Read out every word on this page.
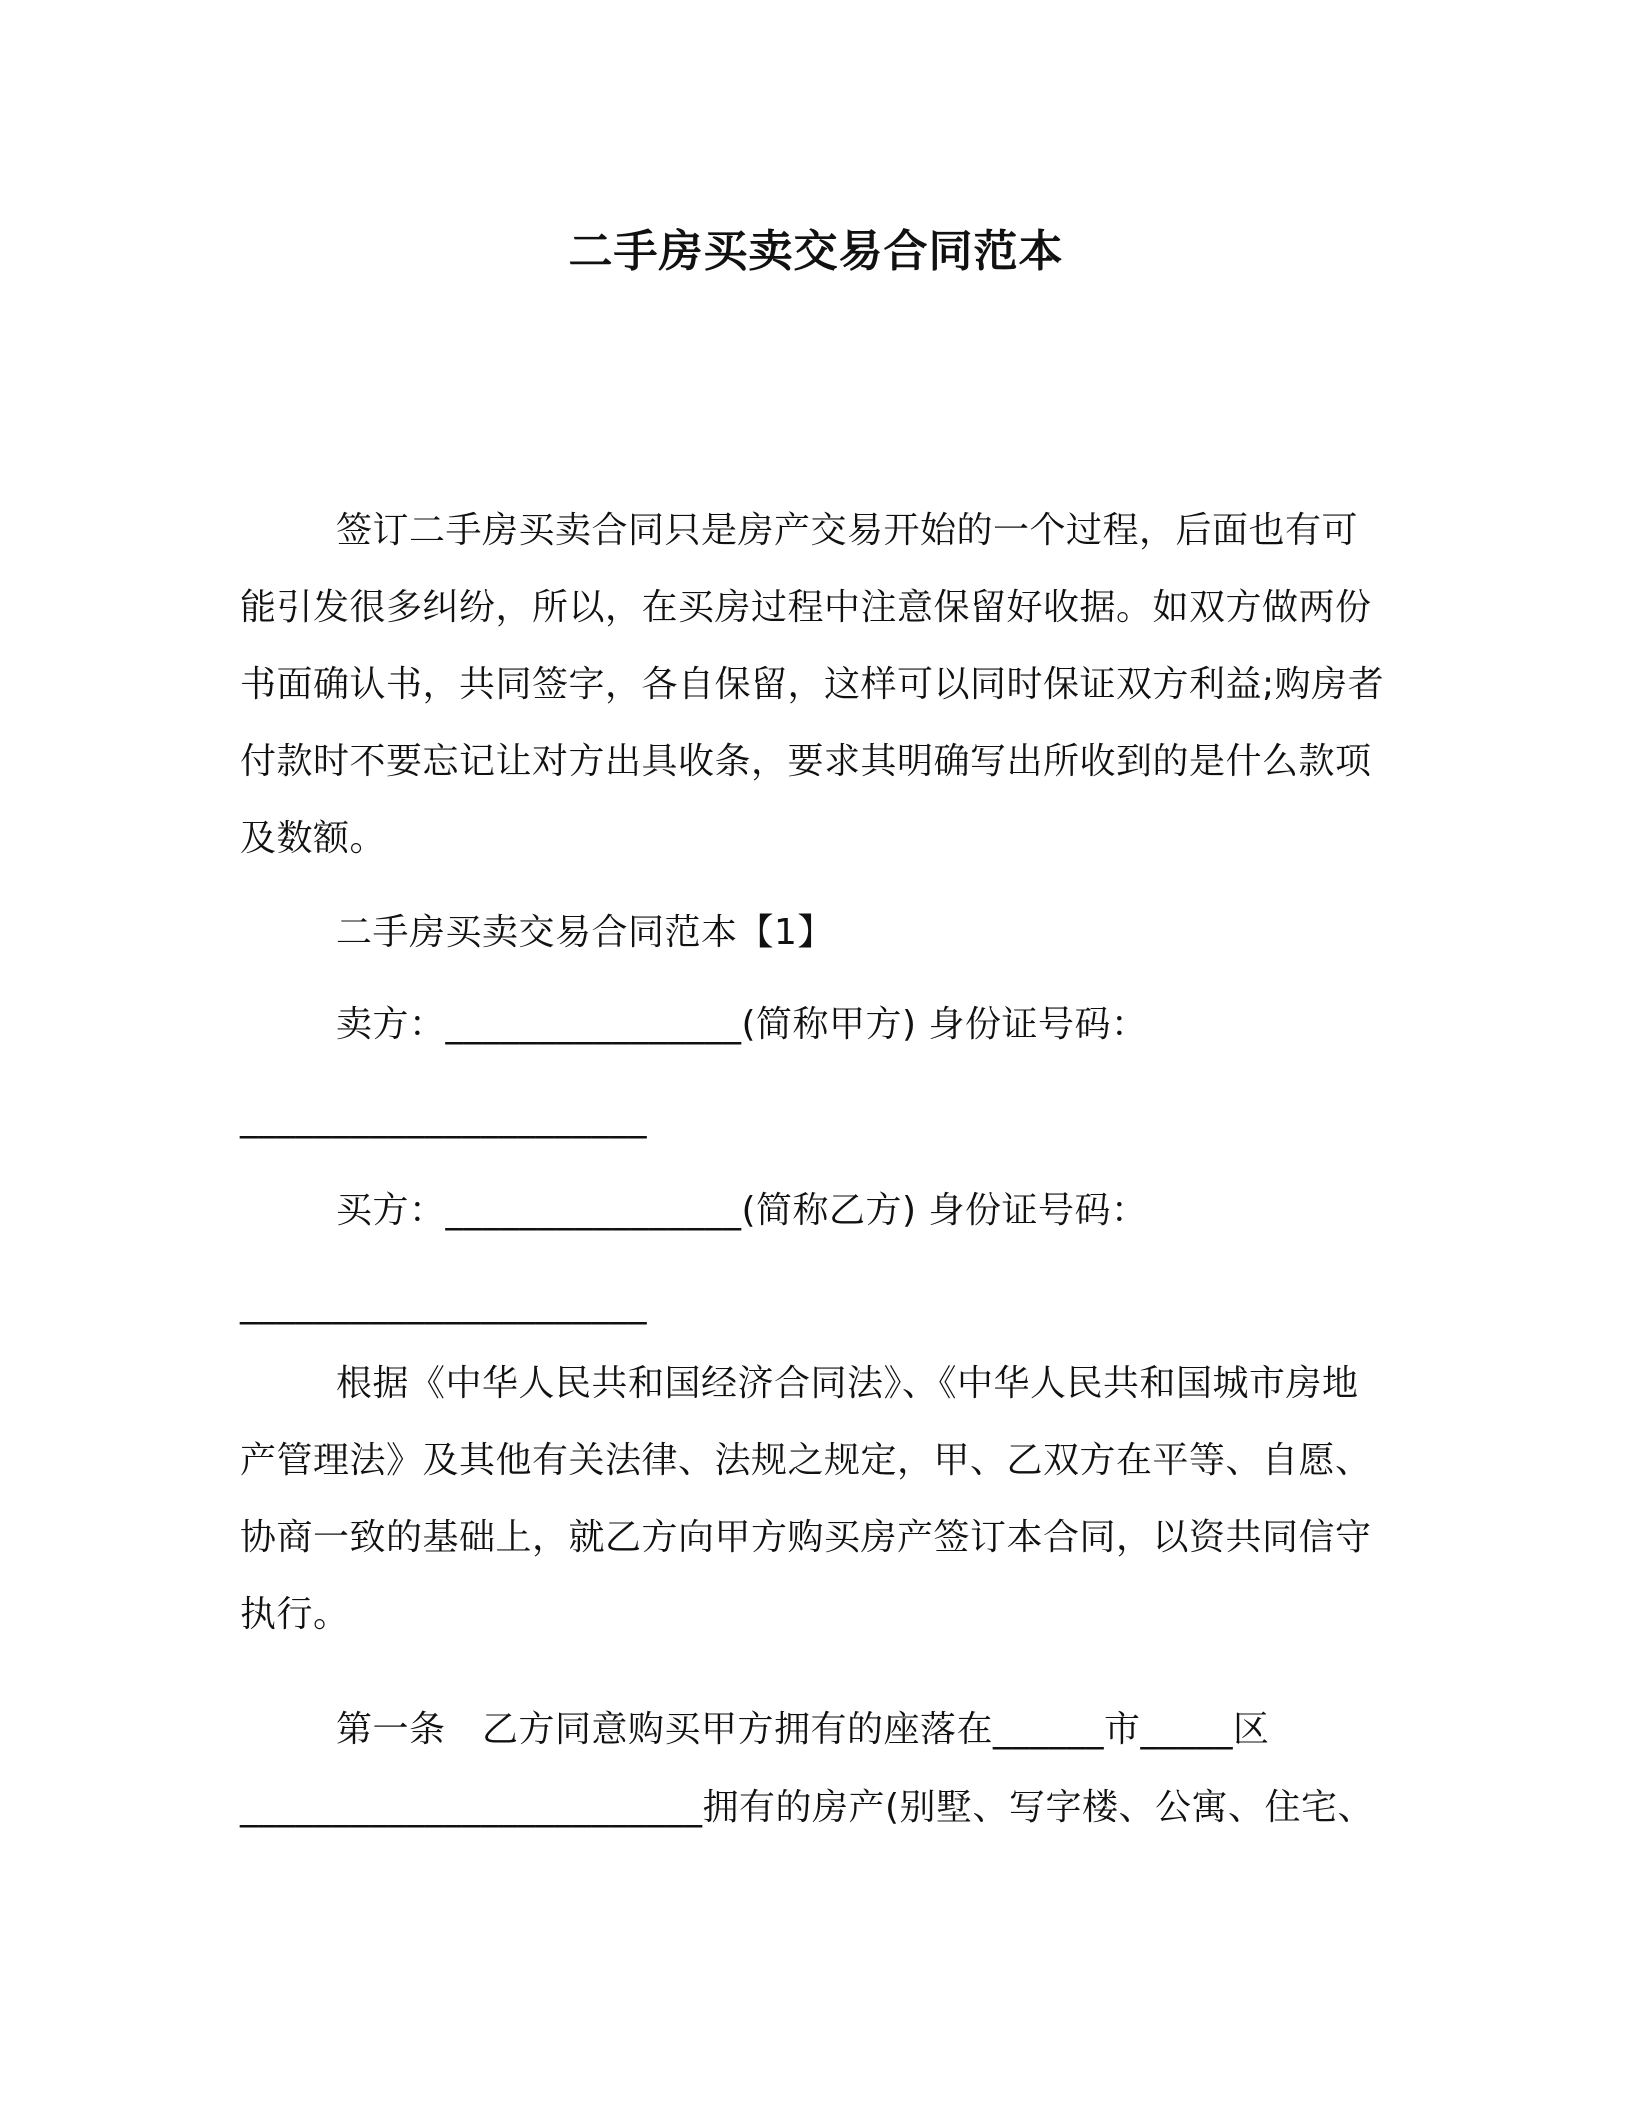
二手房买卖交易合同范本
签订二手房买卖合同只是房产交易开始的一个过程，后面也有可能引发很多纠纷，所以，在买房过程中注意保留好收据。如双方做两份书面确认书，共同签字，各自保留，这样可以同时保证双方利益;购房者付款时不要忘记让对方出具收条，要求其明确写出所收到的是什么款项及数额。
二手房买卖交易合同范本【1】
卖方：________________(简称甲方) 身份证号码：
______________________
买方：________________(简称乙方) 身份证号码：
______________________
根据《中华人民共和国经济合同法》、《中华人民共和国城市房地产管理法》及其他有关法律、法规之规定，甲、乙双方在平等、自愿、协商一致的基础上，就乙方向甲方购买房产签订本合同，以资共同信守执行。
第一条　乙方同意购买甲方拥有的座落在______市_____区
_________________________拥有的房产(别墅、写字楼、公寓、住宅、
